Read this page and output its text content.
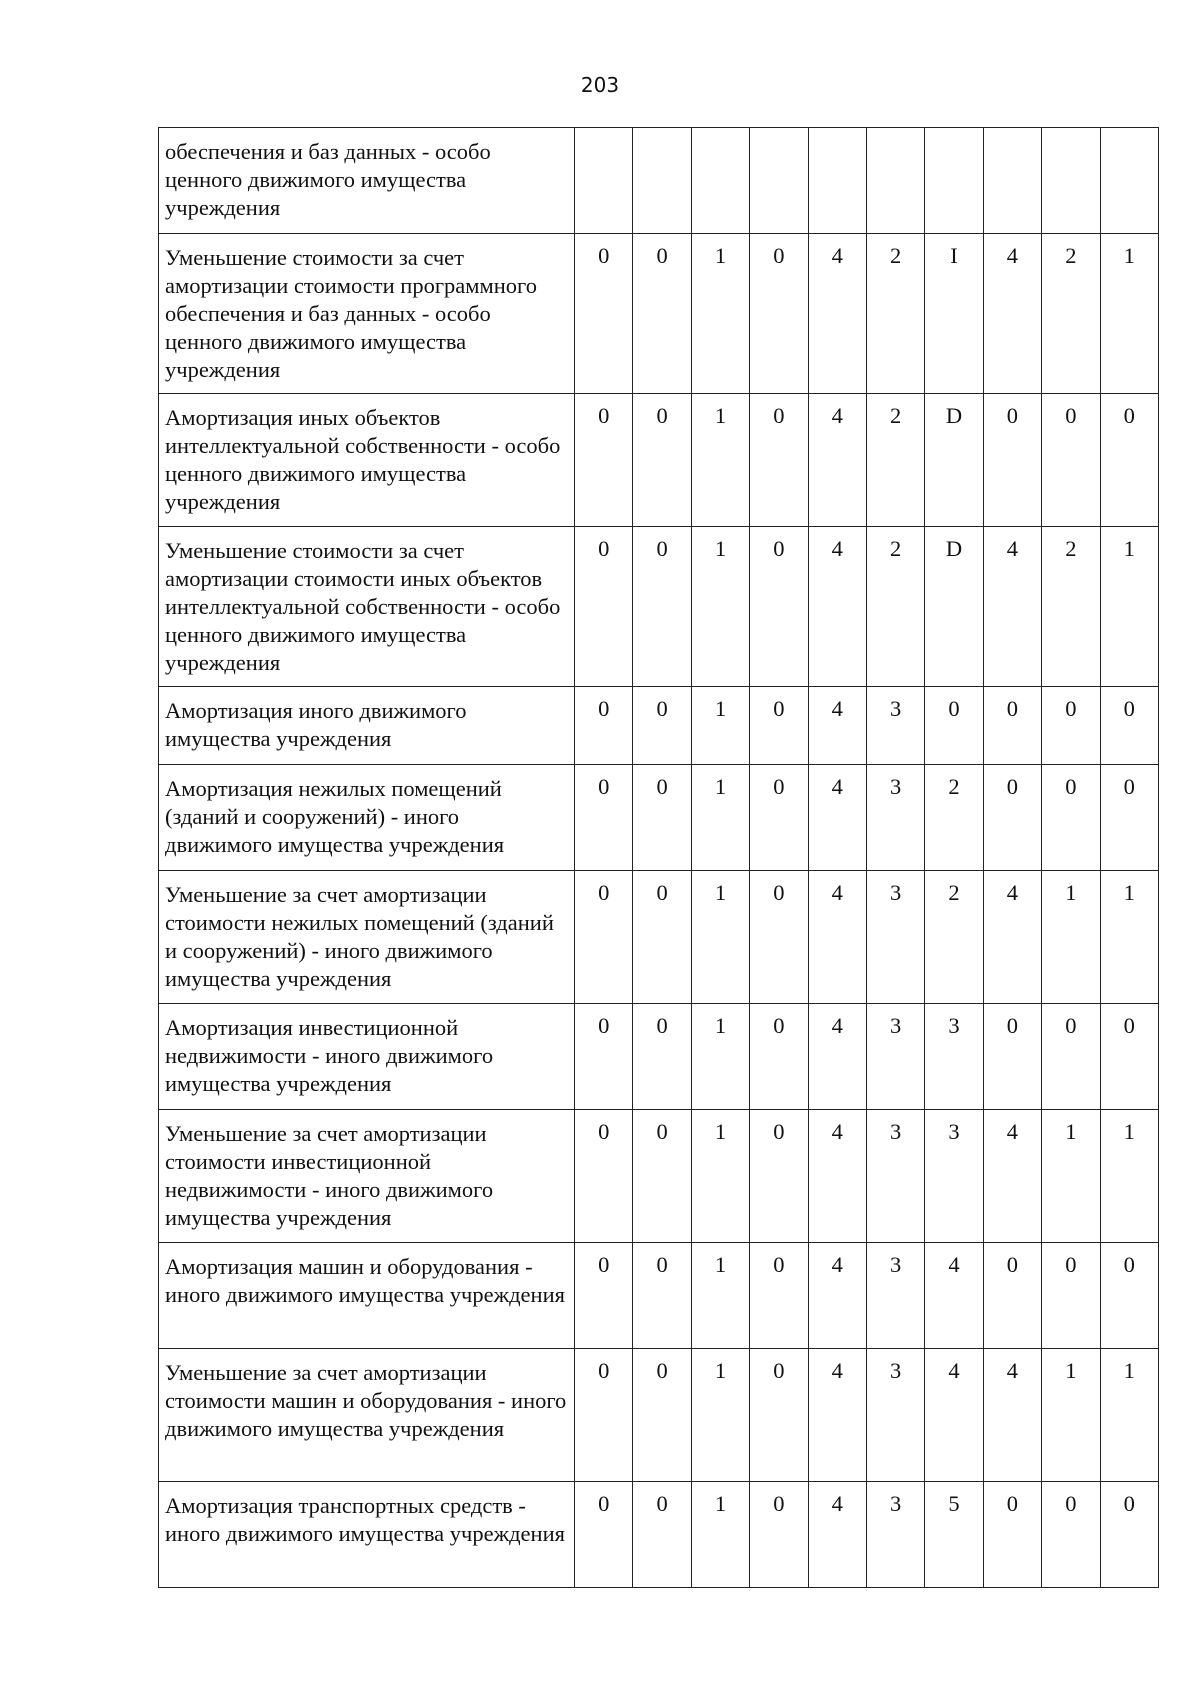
203
обеспечения и баз данных - особо ценного движимого имущества учреждения										
Уменьшение стоимости за счет амортизации стоимости программного обеспечения и баз данных - особо ценного движимого имущества учреждения	0	0	1	0	4	2	I	4	2	1
Амортизация иных объектов интеллектуальной собственности - особо ценного движимого имущества учреждения	0	0	1	0	4	2	D	0	0	0
Уменьшение стоимости за счет амортизации стоимости иных объектов интеллектуальной собственности - особо ценного движимого имущества учреждения	0	0	1	0	4	2	D	4	2	1
Амортизация иного движимого имущества учреждения	0	0	1	0	4	3	0	0	0	0
Амортизация нежилых помещений (зданий и сооружений) - иного движимого имущества учреждения	0	0	1	0	4	3	2	0	0	0
Уменьшение за счет амортизации стоимости нежилых помещений (зданий и сооружений) - иного движимого имущества учреждения	0	0	1	0	4	3	2	4	1	1
Амортизация инвестиционной недвижимости - иного движимого имущества учреждения	0	0	1	0	4	3	3	0	0	0
Уменьшение за счет амортизации стоимости инвестиционной недвижимости - иного движимого имущества учреждения	0	0	1	0	4	3	3	4	1	1
Амортизация машин и оборудования - иного движимого имущества учреждения	0	0	1	0	4	3	4	0	0	0
Уменьшение за счет амортизации стоимости машин и оборудования - иного движимого имущества учреждения	0	0	1	0	4	3	4	4	1	1
Амортизация транспортных средств - иного движимого имущества учреждения	0	0	1	0	4	3	5	0	0	0
